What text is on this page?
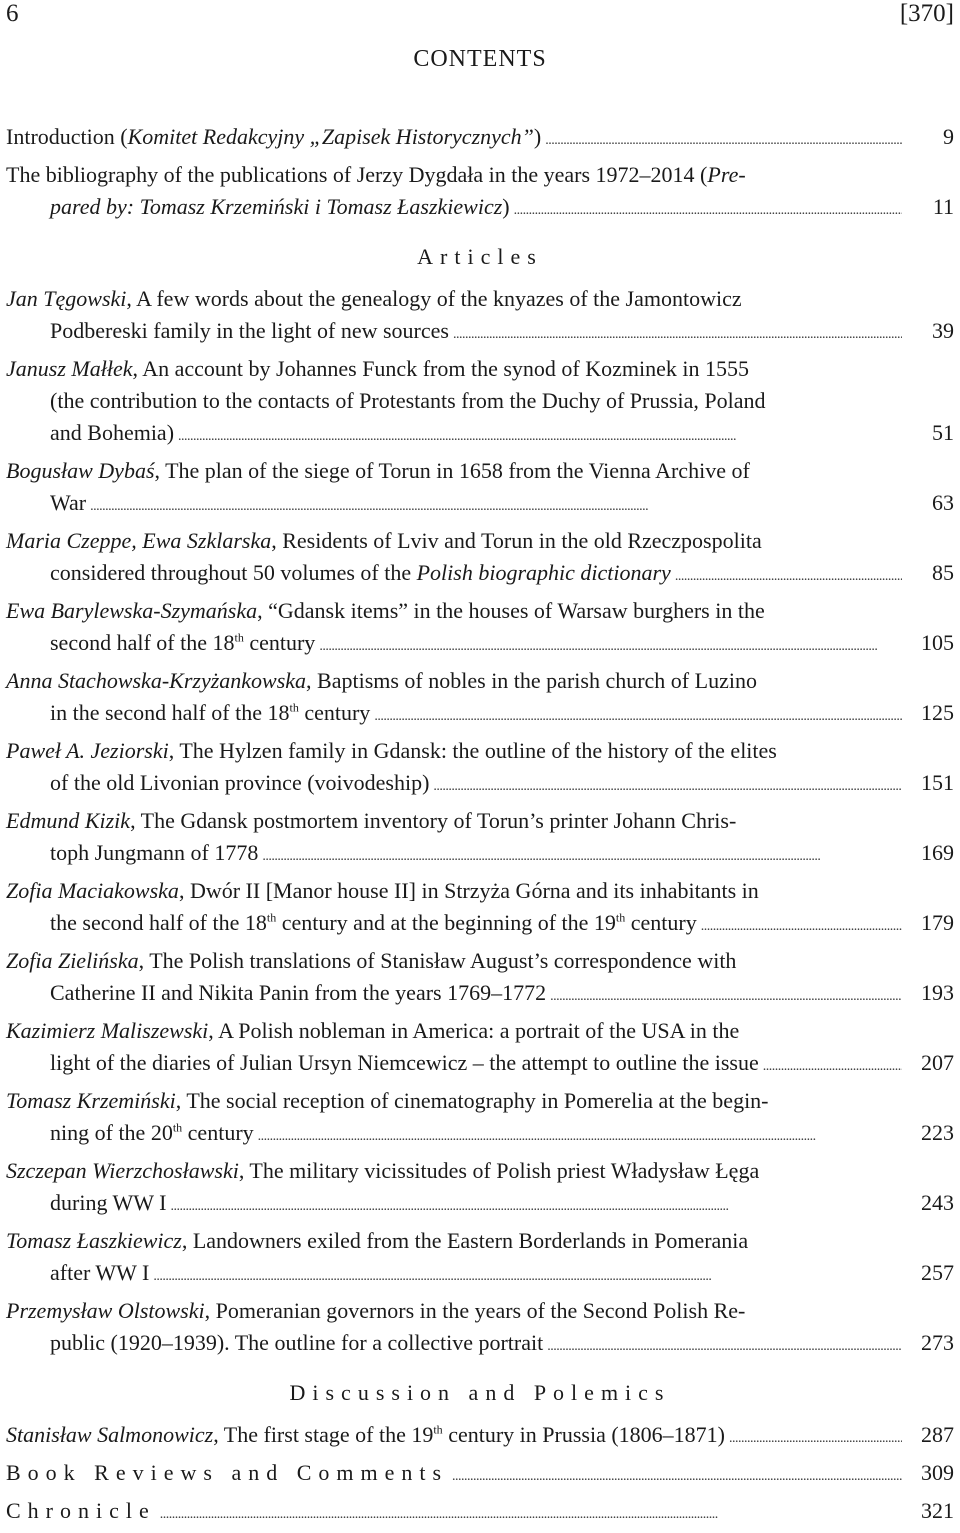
6	[370]
CONTENTS
Introduction (Komitet Redakcyjny „Zapisek Historycznych”) . . .	9
The bibliography of the publications of Jerzy Dygdała in the years 1972–2014 (Pre-
pared by: Tomasz Krzemiński i Tomasz Łaszkiewicz) . . .	11
Articles
Jan Tęgowski, A few words about the genealogy of the knyazes of the Jamontowicz
Podbereski family in the light of new sources . . .	39
Janusz Małłek, An account by Johannes Funck from the synod of Kozminek in 1555
(the contribution to the contacts of Protestants from the Duchy of Prussia, Poland
and Bohemia) . . .	51
Bogusław Dybaś, The plan of the siege of Torun in 1658 from the Vienna Archive of
War . . .	63
Maria Czeppe, Ewa Szklarska, Residents of Lviv and Torun in the old Rzeczpospolita
considered throughout 50 volumes of the Polish biographic dictionary . . .	85
Ewa Barylewska-Szymańska, “Gdansk items” in the houses of Warsaw burghers in the
second half of the 18th century . . .	105
Anna Stachowska-Krzyżankowska, Baptisms of nobles in the parish church of Luzino
in the second half of the 18th century . . .	125
Paweł A. Jeziorski, The Hylzen family in Gdansk: the outline of the history of the elites
of the old Livonian province (voivodeship) . . .	151
Edmund Kizik, The Gdansk postmortem inventory of Torun’s printer Johann Chris-
toph Jungmann of 1778 . . .	169
Zofia Maciakowska, Dwór II [Manor house II] in Strzyża Górna and its inhabitants in
the second half of the 18th century and at the beginning of the 19th century . . .	179
Zofia Zielińska, The Polish translations of Stanisław August’s correspondence with
Catherine II and Nikita Panin from the years 1769–1772 . . .	193
Kazimierz Maliszewski, A Polish nobleman in America: a portrait of the USA in the
light of the diaries of Julian Ursyn Niemcewicz – the attempt to outline the issue . . .	207
Tomasz Krzemiński, The social reception of cinematography in Pomerelia at the begin-
ning of the 20th century . . .	223
Szczepan Wierzchosławski, The military vicissitudes of Polish priest Władysław Łęga
during WW I . . .	243
Tomasz Łaszkiewicz, Landowners exiled from the Eastern Borderlands in Pomerania
after WW I . . .	257
Przemysław Olstowski, Pomeranian governors in the years of the Second Polish Re-
public (1920–1939). The outline for a collective portrait . . .	273
Discussion and Polemics
Stanisław Salmonowicz, The first stage of the 19th century in Prussia (1806–1871) . . .	287
Book Reviews and Comments . . .	309
Chronicle . . .	321
